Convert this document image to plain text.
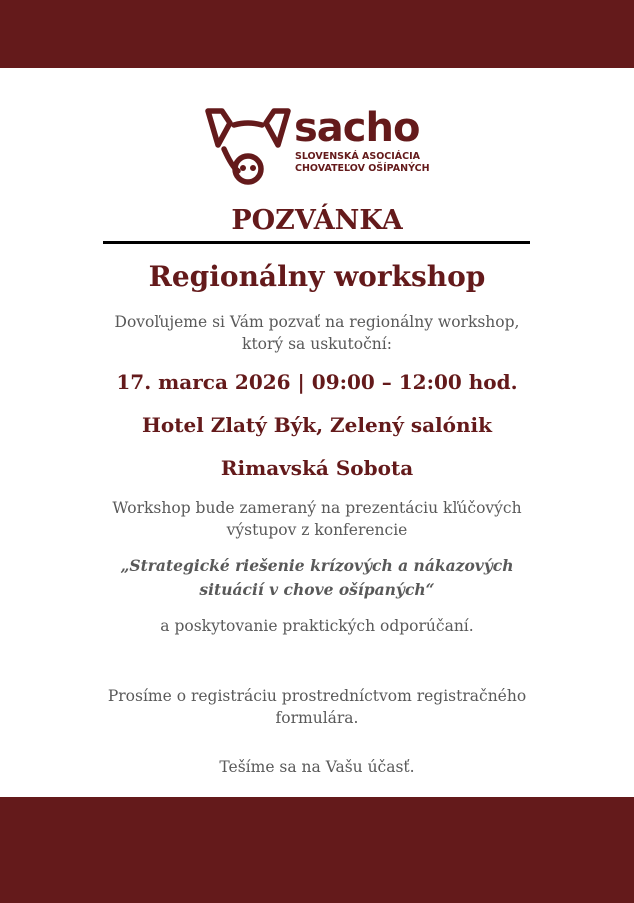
sacho

SLOVENSKÁ ASOCIÁCIA

CHOVATEĽOV OŠÍPANÝCH

POZVÁNKA

Regionálny workshop

Dovoľujeme si Vám pozvať na regionálny workshop,

ktorý sa uskutoční:

17. marca 2026 | 09:00 – 12:00 hod.

Hotel Zlatý Býk, Zelený salónik

Rimavská Sobota

Workshop bude zameraný na prezentáciu kľúčových

výstupov z konferencie

„Strategické riešenie krízových a nákazových

situácií v chove ošípaných“

a poskytovanie praktických odporúčaní.

Prosíme o registráciu prostredníctvom registračného

formulára.

Tešíme sa na Vašu účasť.
